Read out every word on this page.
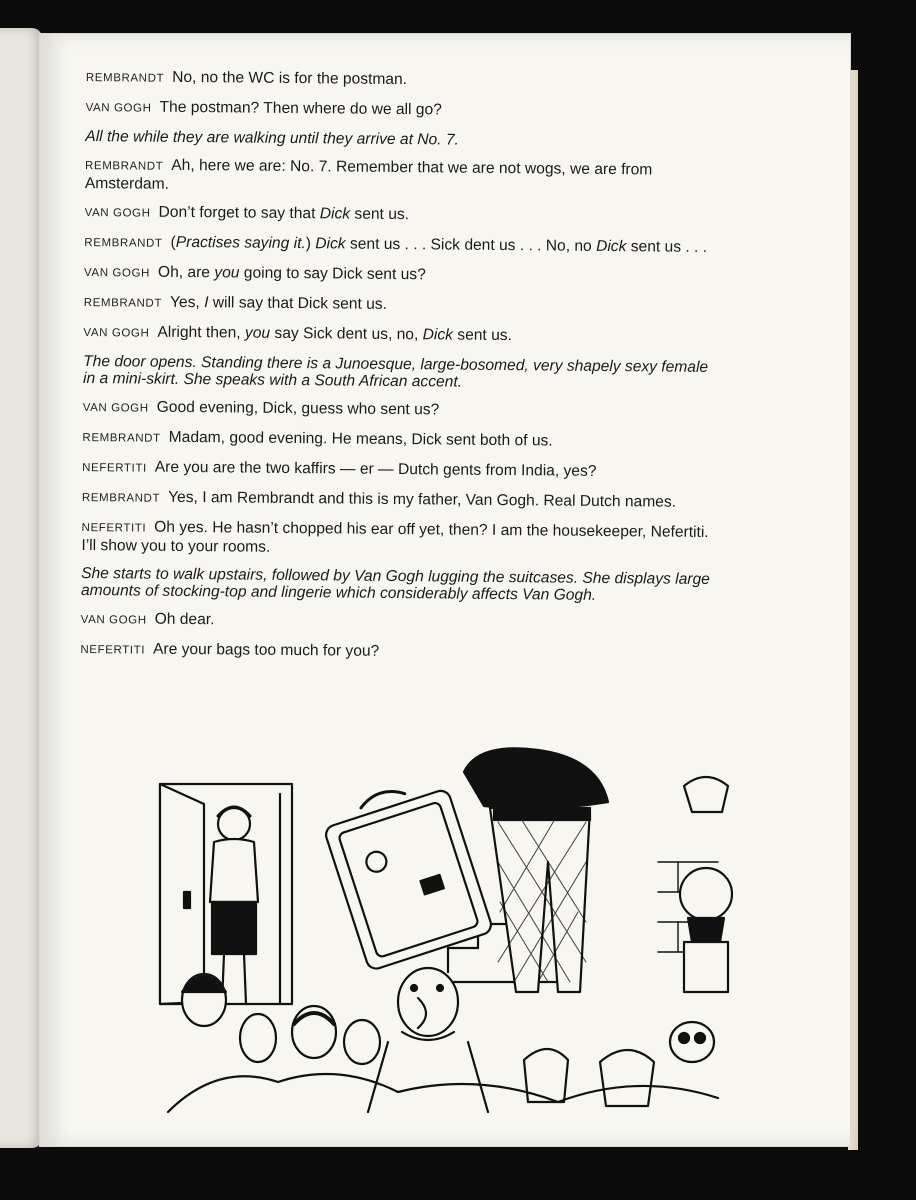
REMBRANDT No, no the WC is for the postman.
VAN GOGH The postman? Then where do we all go?
All the while they are walking until they arrive at No. 7.
REMBRANDT Ah, here we are: No. 7. Remember that we are not wogs, we are from Amsterdam.
VAN GOGH Don’t forget to say that Dick sent us.
REMBRANDT (Practises saying it.) Dick sent us . . . Sick dent us . . . No, no Dick sent us . . .
VAN GOGH Oh, are you going to say Dick sent us?
REMBRANDT Yes, I will say that Dick sent us.
VAN GOGH Alright then, you say Sick dent us, no, Dick sent us.
The door opens. Standing there is a Junoesque, large-bosomed, very shapely sexy female in a mini-skirt. She speaks with a South African accent.
VAN GOGH Good evening, Dick, guess who sent us?
REMBRANDT Madam, good evening. He means, Dick sent both of us.
NEFERTITI Are you are the two kaffirs — er — Dutch gents from India, yes?
REMBRANDT Yes, I am Rembrandt and this is my father, Van Gogh. Real Dutch names.
NEFERTITI Oh yes. He hasn’t chopped his ear off yet, then? I am the housekeeper, Nefertiti. I’ll show you to your rooms.
She starts to walk upstairs, followed by Van Gogh lugging the suitcases. She displays large amounts of stocking-top and lingerie which considerably affects Van Gogh.
VAN GOGH Oh dear.
NEFERTITI Are your bags too much for you?
